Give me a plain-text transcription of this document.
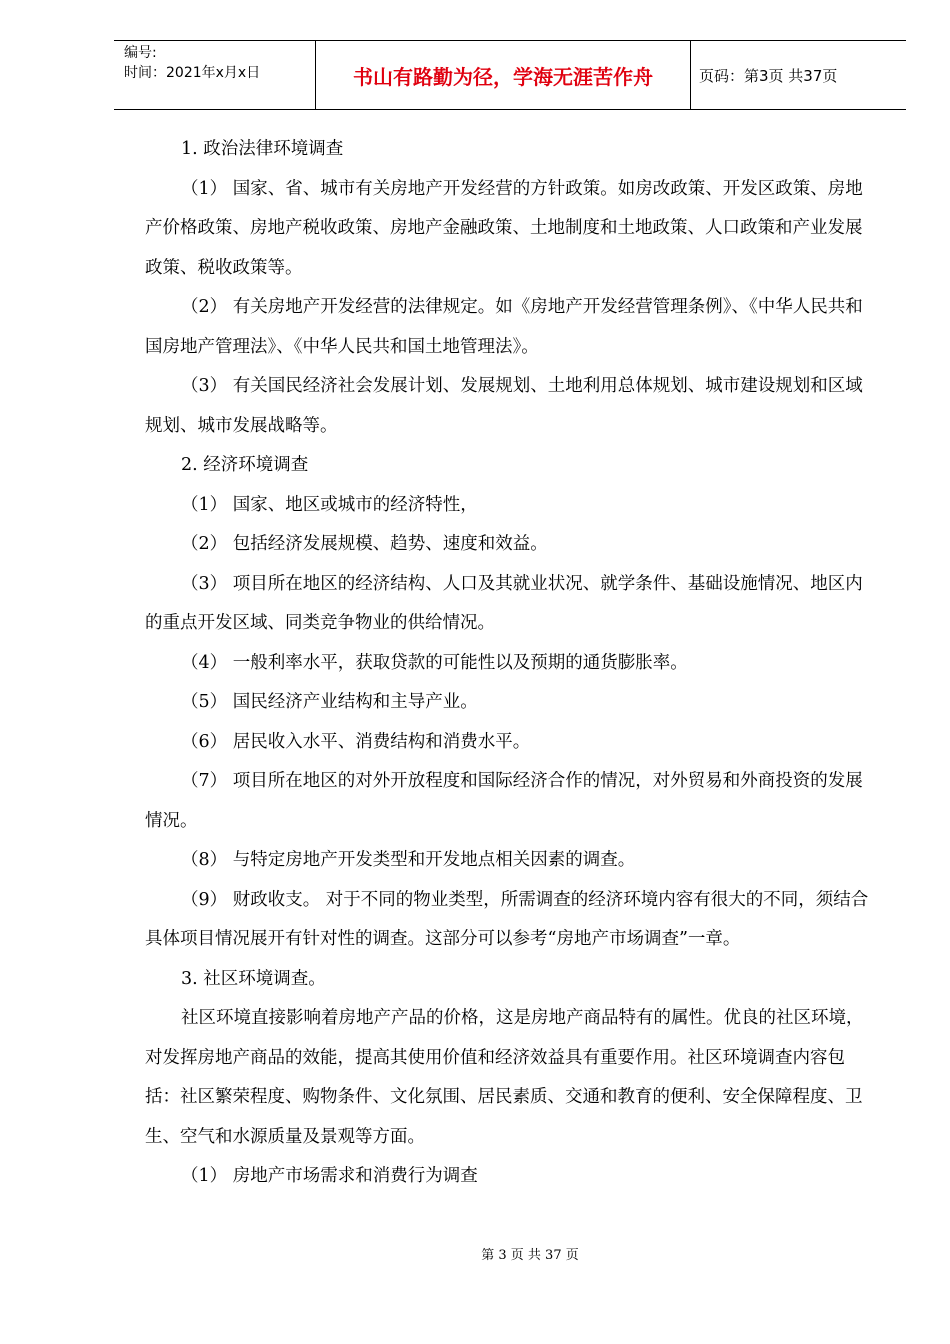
编号:
时间：2021年x月x日	书山有路勤为径，学海无涯苦作舟	页码：第3页 共37页

1. 政治法律环境调查

（1） 国家、省、城市有关房地产开发经营的方针政策。如房改政策、开发区政策、房地产价格政策、房地产税收政策、房地产金融政策、土地制度和土地政策、人口政策和产业发展政策、税收政策等。

（2） 有关房地产开发经营的法律规定。如《房地产开发经营管理条例》、《中华人民共和国房地产管理法》、《中华人民共和国土地管理法》。

（3） 有关国民经济社会发展计划、发展规划、土地利用总体规划、城市建设规划和区域规划、城市发展战略等。

2. 经济环境调查

（1） 国家、地区或城市的经济特性，

（2） 包括经济发展规模、趋势、速度和效益。

（3） 项目所在地区的经济结构、人口及其就业状况、就学条件、基础设施情况、地区内的重点开发区域、同类竞争物业的供给情况。

（4） 一般利率水平，获取贷款的可能性以及预期的通货膨胀率。

（5） 国民经济产业结构和主导产业。

（6） 居民收入水平、消费结构和消费水平。

（7） 项目所在地区的对外开放程度和国际经济合作的情况，对外贸易和外商投资的发展情况。

（8） 与特定房地产开发类型和开发地点相关因素的调查。

（9） 财政收支。 对于不同的物业类型，所需调查的经济环境内容有很大的不同，须结合具体项目情况展开有针对性的调查。这部分可以参考“房地产市场调查”一章。

3. 社区环境调查。

社区环境直接影响着房地产产品的价格，这是房地产商品特有的属性。优良的社区环境，对发挥房地产商品的效能，提高其使用价值和经济效益具有重要作用。社区环境调查内容包括：社区繁荣程度、购物条件、文化氛围、居民素质、交通和教育的便利、安全保障程度、卫生、空气和水源质量及景观等方面。

（1） 房地产市场需求和消费行为调查

第 3 页 共 37 页
